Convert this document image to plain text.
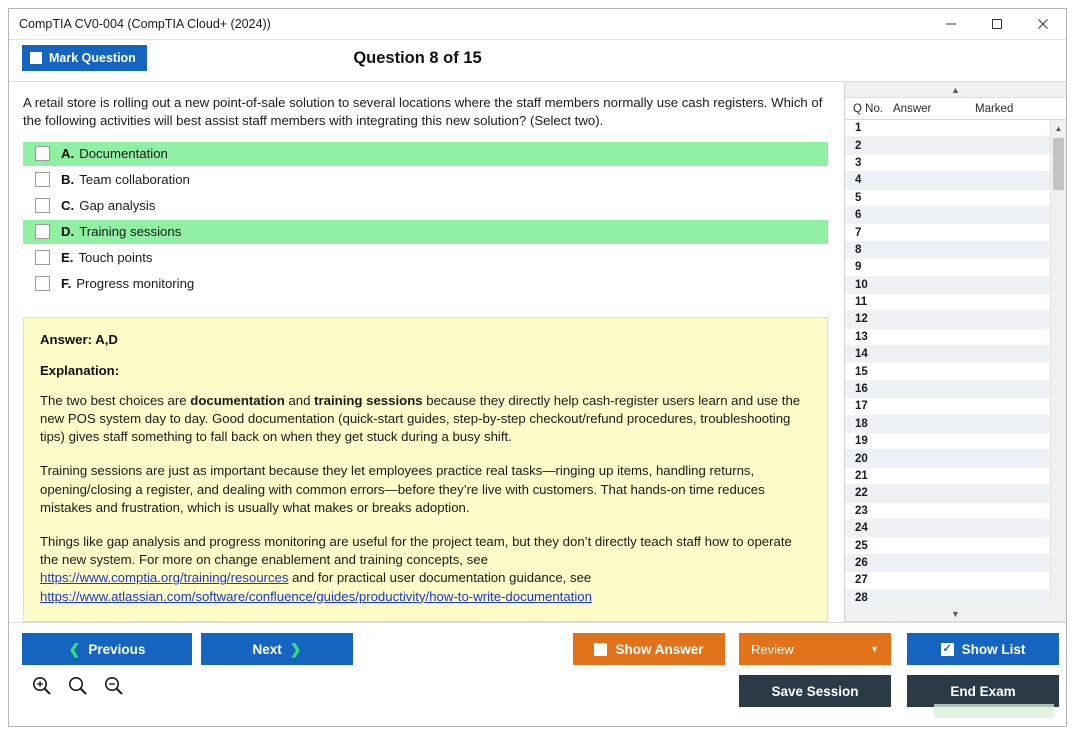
CompTIA CV0-004 (CompTIA Cloud+ (2024))
Mark Question	Question 8 of 15
A retail store is rolling out a new point-of-sale solution to several locations where the staff members normally use cash registers. Which of the following activities will best assist staff members with integrating this new solution? (Select two).
A. Documentation
B. Team collaboration
C. Gap analysis
D. Training sessions
E. Touch points
F. Progress monitoring
Answer: A,D
Explanation:

The two best choices are documentation and training sessions because they directly help cash-register users learn and use the new POS system day to day. Good documentation (quick-start guides, step-by-step checkout/refund procedures, troubleshooting tips) gives staff something to fall back on when they get stuck during a busy shift.

Training sessions are just as important because they let employees practice real tasks—ringing up items, handling returns, opening/closing a register, and dealing with common errors—before they’re live with customers. That hands-on time reduces mistakes and frustration, which is usually what makes or breaks adoption.

Things like gap analysis and progress monitoring are useful for the project team, but they don’t directly teach staff how to operate the new system. For more on change enablement and training concepts, see
https://www.comptia.org/training/resources and for practical user documentation guidance, see
https://www.atlassian.com/software/confluence/guides/productivity/how-to-write-documentation

▲
Q No. Answer	Marked
1
2
3
4
5
6
7
8
9
10
11
12
13
14
15
16
17
18
19
20
21
22
23
24
25
26
27
28
▲
▼
❮ Previous	Next ❯	Show Answer	Review	▼	✓ Show List
Save Session	End Exam
